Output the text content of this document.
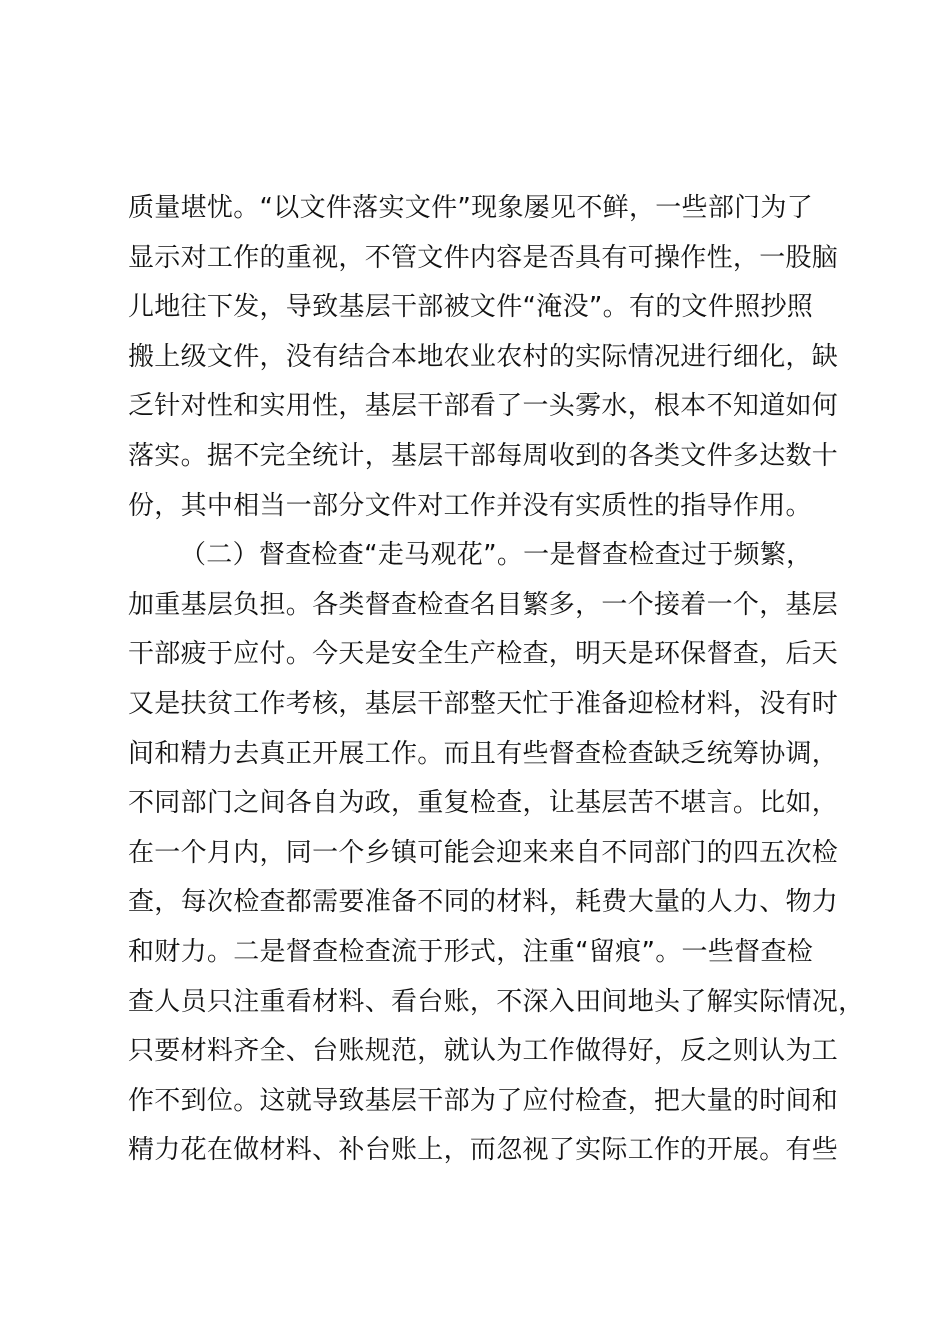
质量堪忧。“以文件落实文件”现象屡见不鲜，一些部门为了
显示对工作的重视，不管文件内容是否具有可操作性，一股脑
儿地往下发，导致基层干部被文件“淹没”。有的文件照抄照
搬上级文件，没有结合本地农业农村的实际情况进行细化，缺
乏针对性和实用性，基层干部看了一头雾水，根本不知道如何
落实。据不完全统计，基层干部每周收到的各类文件多达数十
份，其中相当一部分文件对工作并没有实质性的指导作用。
（二）督查检查“走马观花”。一是督查检查过于频繁，
加重基层负担。各类督查检查名目繁多，一个接着一个，基层
干部疲于应付。今天是安全生产检查，明天是环保督查，后天
又是扶贫工作考核，基层干部整天忙于准备迎检材料，没有时
间和精力去真正开展工作。而且有些督查检查缺乏统筹协调，
不同部门之间各自为政，重复检查，让基层苦不堪言。比如，
在一个月内，同一个乡镇可能会迎来来自不同部门的四五次检
查，每次检查都需要准备不同的材料，耗费大量的人力、物力
和财力。二是督查检查流于形式，注重“留痕”。一些督查检
查人员只注重看材料、看台账，不深入田间地头了解实际情况，
只要材料齐全、台账规范，就认为工作做得好，反之则认为工
作不到位。这就导致基层干部为了应付检查，把大量的时间和
精力花在做材料、补台账上，而忽视了实际工作的开展。有些
